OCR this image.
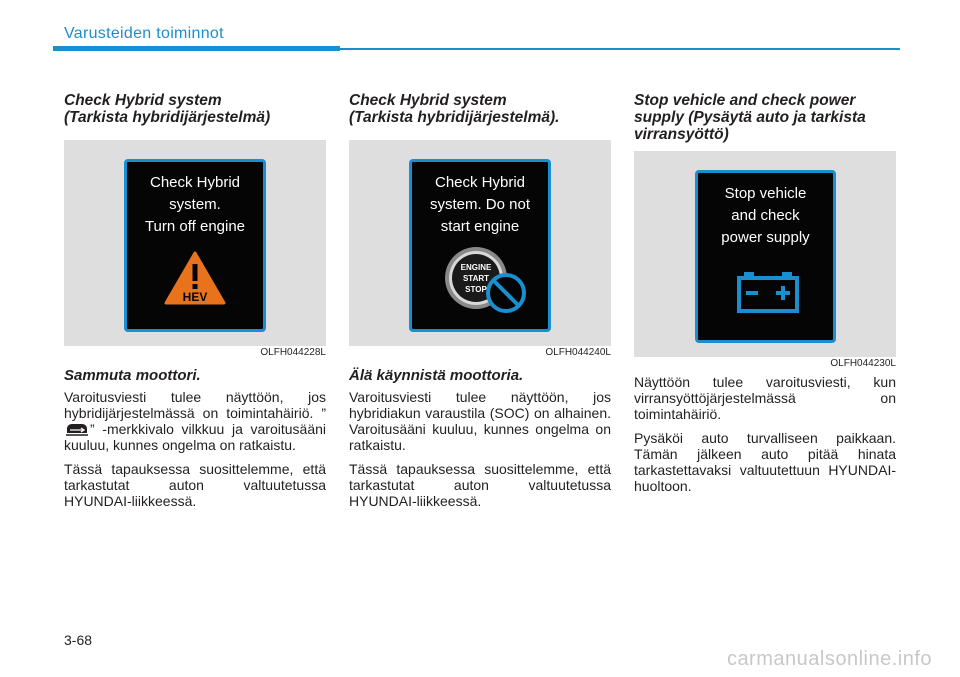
Varusteiden toiminnot
Check Hybrid system
(Tarkista hybridijärjestelmä)
Check Hybrid
system.
Turn off engine
HEV
OLFH044228L
Sammuta moottori.

Varoitusviesti tulee näyttöön, jos hybridijärjestelmässä on toimintahäiriö. ”” -merkkivalo vilkkuu ja varoitusääni kuuluu, kunnes ongelma on ratkaistu.

Tässä tapauksessa suosittelemme, että tarkastutat auton valtuutetussa HYUNDAI-liikkeessä.

Check Hybrid system
(Tarkista hybridijärjestelmä).
Check Hybrid
system. Do not
start engine
ENGINE
START
STOP
OLFH044240L
Älä käynnistä moottoria.

Varoitusviesti tulee näyttöön, jos hybridiakun varaustila (SOC) on alhainen. Varoitusääni kuuluu, kunnes ongelma on ratkaistu.

Tässä tapauksessa suosittelemme, että tarkastutat auton valtuutetussa HYUNDAI-liikkeessä.

Stop vehicle and check power
supply (Pysäytä auto ja tarkista
virransyöttö)
Stop vehicle
and check
power supply
OLFH044230L

Näyttöön tulee varoitusviesti, kun virransyöttöjärjestelmässä on toimintahäiriö.

Pysäköi auto turvalliseen paikkaan. Tämän jälkeen auto pitää hinata tarkastettavaksi valtuutettuun HYUNDAI-huoltoon.

3-68
carmanualsonline.info
